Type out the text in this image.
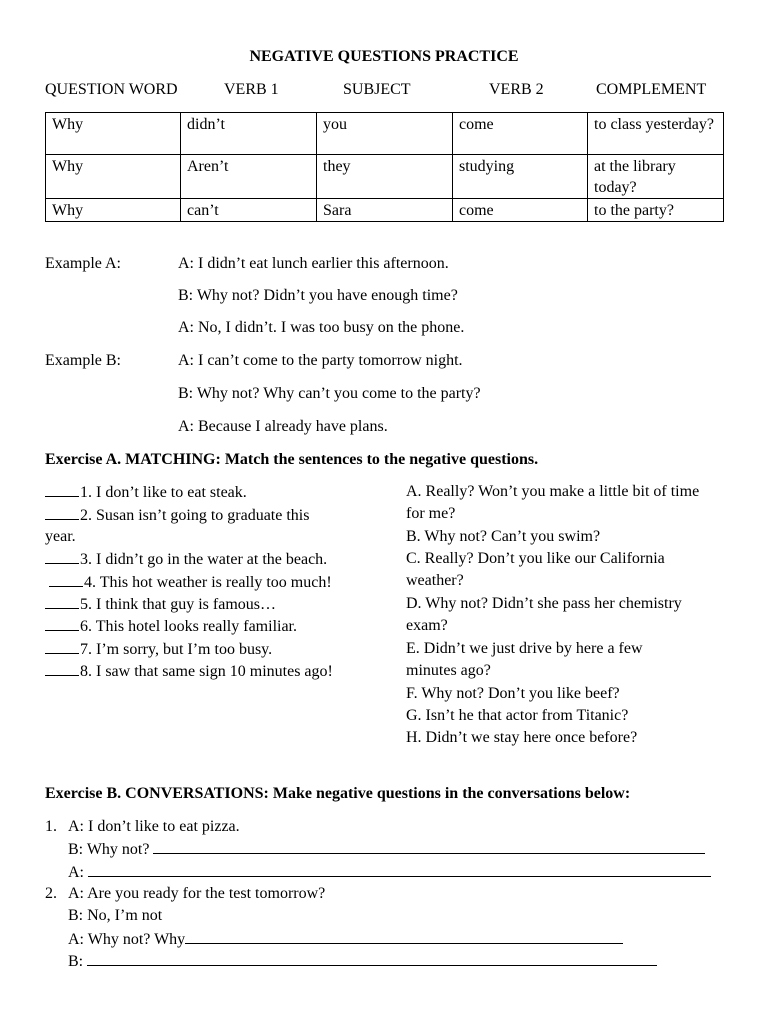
NEGATIVE QUESTIONS PRACTICE
QUESTION WORD	VERB 1	SUBJECT	VERB 2	COMPLEMENT
Why	didn’t	you	come	to class yesterday?
Why	Aren’t	they	studying	at the library today?
Why	can’t	Sara	come	to the party?
Example A:	A: I didn’t eat lunch earlier this afternoon.
B: Why not? Didn’t you have enough time?
A: No, I didn’t. I was too busy on the phone.
Example B:	A: I can’t come to the party tomorrow night.
B: Why not? Why can’t you come to the party?
A: Because I already have plans.
Exercise A. MATCHING: Match the sentences to the negative questions.
1. I don’t like to eat steak.
2. Susan isn’t going to graduate this
year.
3. I didn’t go in the water at the beach.
4. This hot weather is really too much!
5. I think that guy is famous…
6. This hotel looks really familiar.
7. I’m sorry, but I’m too busy.
8. I saw that same sign 10 minutes ago!
A. Really? Won’t you make a little bit of time for me?
B. Why not? Can’t you swim?
C. Really? Don’t you like our California weather?
D. Why not? Didn’t she pass her chemistry exam?
E. Didn’t we just drive by here a few minutes ago?
F. Why not? Don’t you like beef?
G. Isn’t he that actor from Titanic?
H. Didn’t we stay here once before?
Exercise B. CONVERSATIONS: Make negative questions in the conversations below:
1. A: I don’t like to eat pizza.
B: Why not?
A:
2. A: Are you ready for the test tomorrow?
B: No, I’m not
A: Why not? Why
B:
